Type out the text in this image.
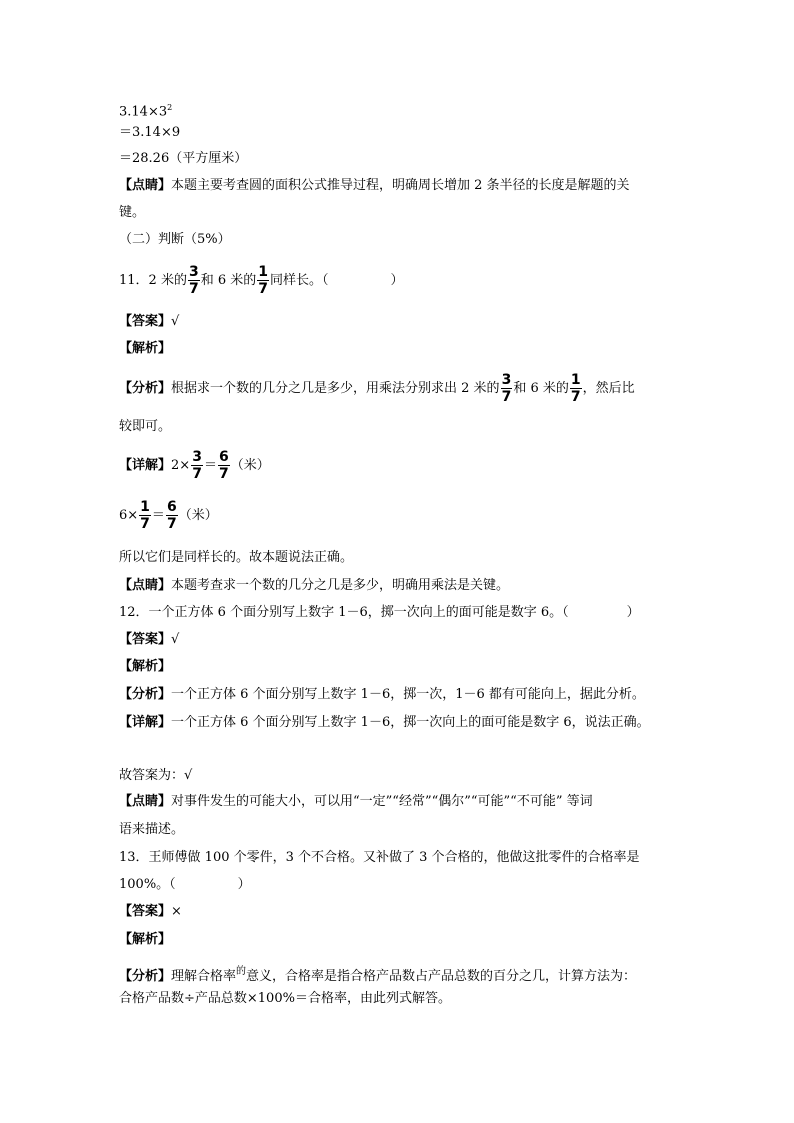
$3.14\times 3^2$
＝3.14×9
＝28.26（平方厘米）
【点睛】本题主要考查圆的面积公式推导过程，明确周长增加 2 条半径的长度是解题的关
键。
（二）判断（5%）
11．2 米的 $\frac{3}{7}$ 和 6 米的 $\frac{1}{7}$ 同样长。（	）
【答案】√
【解析】
【分析】根据求一个数的几分之几是多少，用乘法分别求出 2 米的 $\frac{3}{7}$ 和 6 米的 $\frac{1}{7}$ ，然后比
较即可。
【详解】$2\times \frac{3}{7} = \frac{6}{7}$ （米）
$6\times \frac{1}{7} = \frac{6}{7}$ （米）
所以它们是同样长的。故本题说法正确。
【点睛】本题考查求一个数的几分之几是多少，明确用乘法是关键。
12．一个正方体 6 个面分别写上数字 1－6，掷一次向上的面可能是数字 6。（	）
【答案】√
【解析】
【分析】一个正方体 6 个面分别写上数字 1－6，掷一次，1－6 都有可能向上，据此分析。
【详解】一个正方体 6 个面分别写上数字 1－6，掷一次向上的面可能是数字 6，说法正确。
故答案为：√
【点睛】对事件发生的可能大小，可以用“一定”“经常”“偶尔”“可能”“不可能” 等词
语来描述。
13．王师傅做 100 个零件，3 个不合格。又补做了 3 个合格的，他做这批零件的合格率是
100%。（	）
【答案】×
【解析】
【分析】理解合格率$^的$意义，合格率是指合格产品数占产品总数的百分之几，计算方法为：
合格产品数÷产品总数×100%＝合格率，由此列式解答。
